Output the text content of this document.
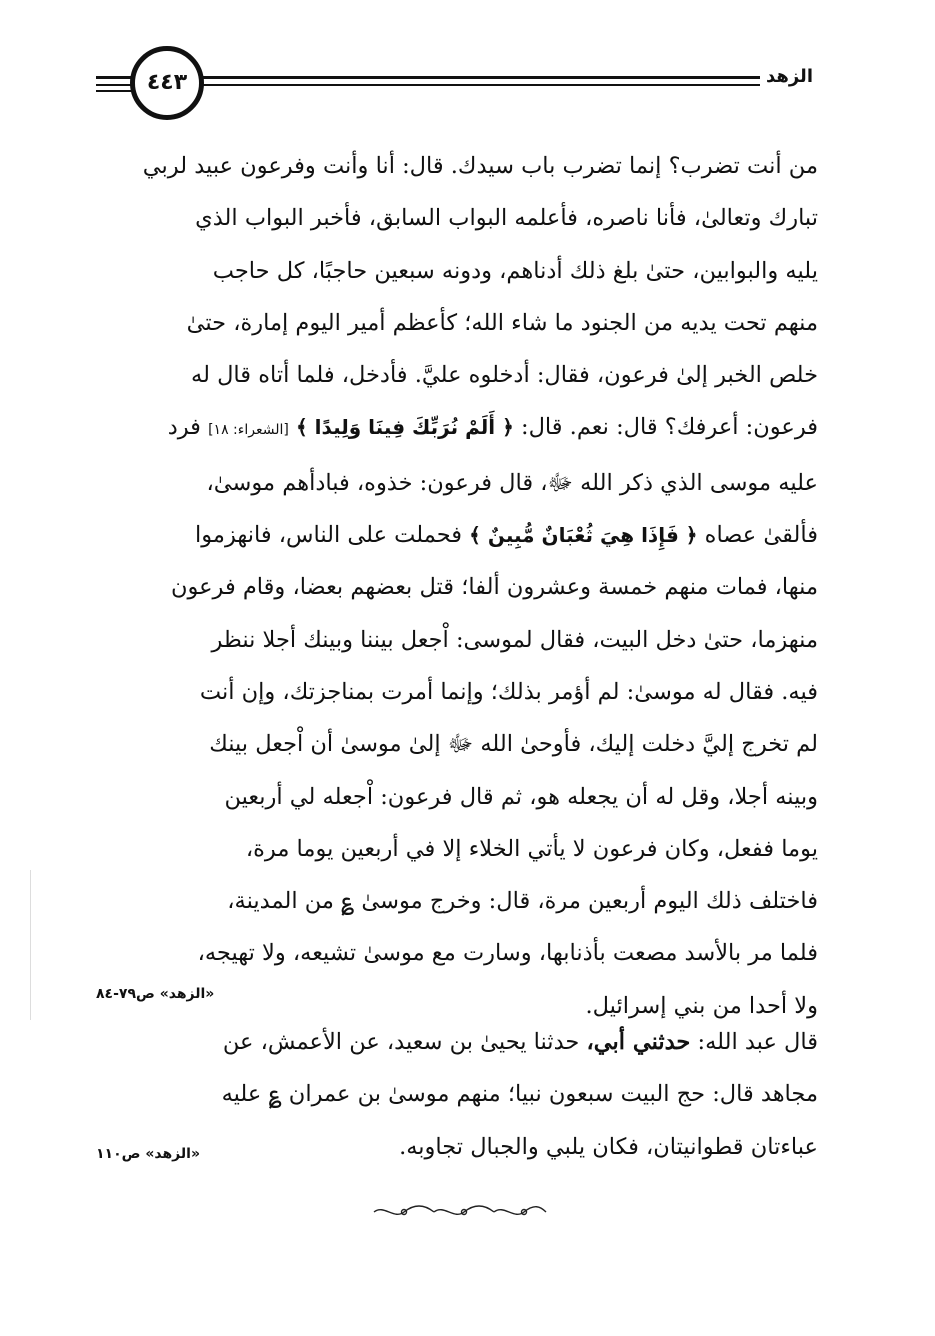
الزهد
٤٤٣

من أنت تضرب؟ إنما تضرب باب سيدك. قال: أنا وأنت وفرعون عبيد لربي

تبارك وتعالىٰ، فأنا ناصره، فأعلمه البواب السابق، فأخبر البواب الذي

يليه والبوابين، حتىٰ بلغ ذلك أدناهم، ودونه سبعين حاجبًا، كل حاجب

منهم تحت يديه من الجنود ما شاء الله؛ كأعظم أمير اليوم إمارة، حتىٰ

خلص الخبر إلىٰ فرعون، فقال: أدخلوه عليَّ. فأدخل، فلما أتاه قال له

فرعون: أعرفك؟ قال: نعم. قال: ﴿ أَلَمْ نُرَبِّكَ فِينَا وَلِيدًا ﴾ [الشعراء: ١٨] فرد

عليه موسى الذي ذكر الله ﷻ، قال فرعون: خذوه، فبادأهم موسىٰ،

فألقىٰ عصاه ﴿ فَإِذَا هِيَ ثُعْبَانٌ مُّبِينٌ ﴾ فحملت على الناس، فانهزموا

منها، فمات منهم خمسة وعشرون ألفا؛ قتل بعضهم بعضا، وقام فرعون

منهزما، حتىٰ دخل البيت، فقال لموسى: اْجعل بيننا وبينك أجلا ننظر

فيه. فقال له موسىٰ: لم أؤمر بذلك؛ وإنما أمرت بمناجزتك، وإن أنت

لم تخرج إليَّ دخلت إليك، فأوحىٰ الله ﷻ إلىٰ موسىٰ أن اْجعل بينك

وبينه أجلا، وقل له أن يجعله هو، ثم قال فرعون: اْجعله لي أربعين

يوما ففعل، وكان فرعون لا يأتي الخلاء إلا في أربعين يوما مرة،

فاختلف ذلك اليوم أربعين مرة، قال: وخرج موسىٰ ؏ من المدينة،

فلما مر بالأسد مصعت بأذنابها، وسارت مع موسىٰ تشيعه، ولا تهيجه،

ولا أحدا من بني إسرائيل.

«الزهد» ص٧٩-٨٤

قال عبد الله: حدثني أبي، حدثنا يحيىٰ بن سعيد، عن الأعمش، عن

مجاهد قال: حج البيت سبعون نبيا؛ منهم موسىٰ بن عمران ؏ عليه

عباءتان قطوانيتان، فكان يلبي والجبال تجاوبه.

«الزهد» ص١١٠
